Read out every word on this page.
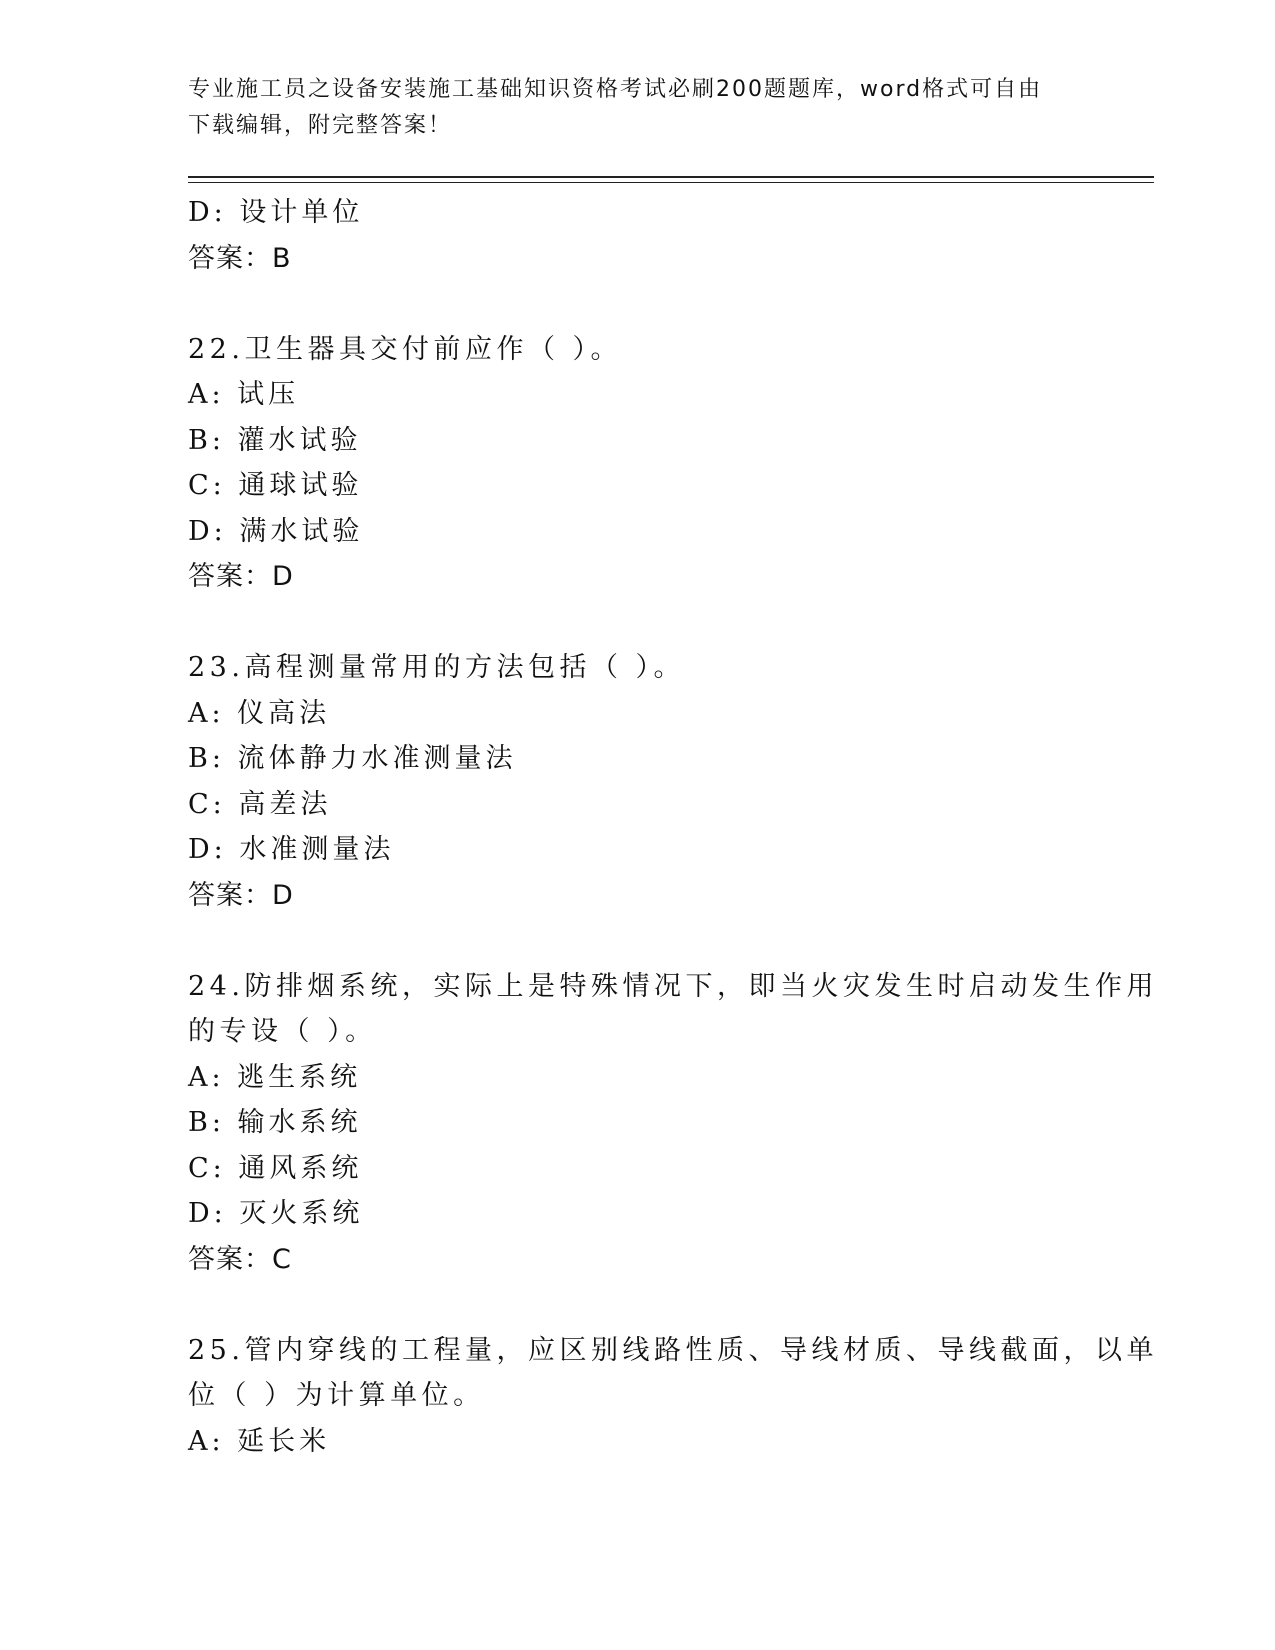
专业施工员之设备安装施工基础知识资格考试必刷200题题库，word格式可自由
下载编辑，附完整答案！
D: 设计单位
答案：B
22.卫生器具交付前应作（ ）。
A: 试压
B: 灌水试验
C: 通球试验
D: 满水试验
答案：D
23.高程测量常用的方法包括（ ）。
A: 仪高法
B: 流体静力水准测量法
C: 高差法
D: 水准测量法
答案：D
24.防排烟系统，实际上是特殊情况下，即当火灾发生时启动发生作用
的专设（ ）。
A: 逃生系统
B: 输水系统
C: 通风系统
D: 灭火系统
答案：C
25.管内穿线的工程量，应区别线路性质、导线材质、导线截面，以单
位（ ）为计算单位。
A: 延长米
